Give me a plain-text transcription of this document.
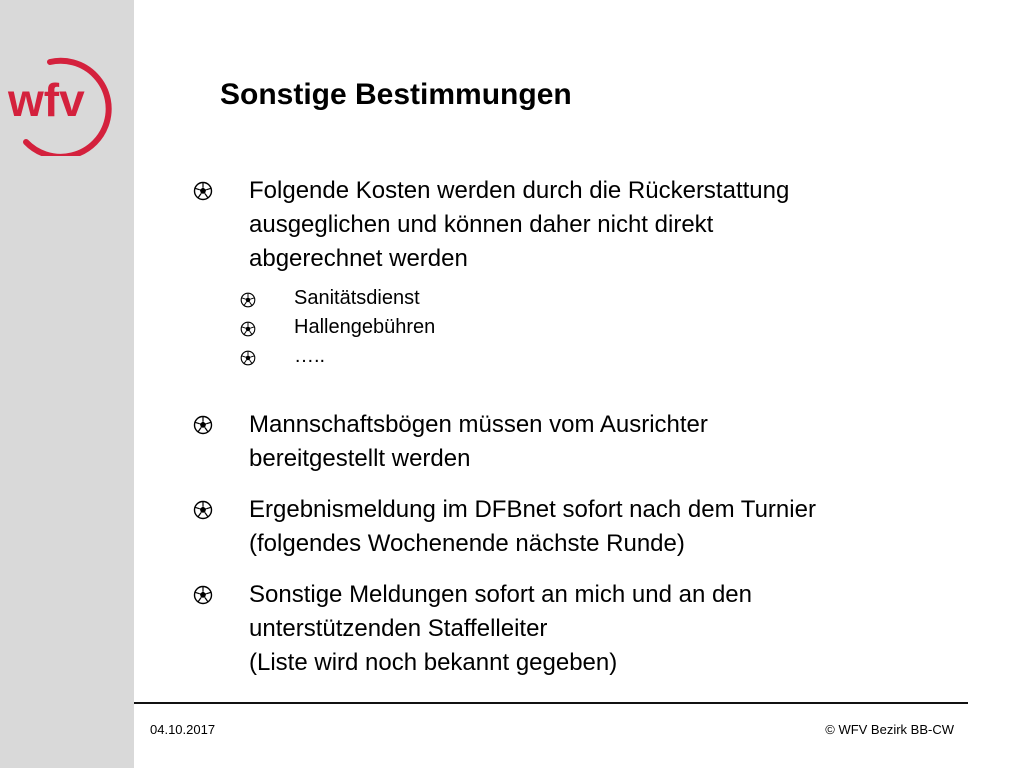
wfv	Sonstige Bestimmungen
Folgende Kosten werden durch die Rückerstattung
ausgeglichen und können daher nicht direkt
abgerechnet werden
Sanitätsdienst
Hallengebühren
…..
Mannschaftsbögen müssen vom Ausrichter
bereitgestellt werden
Ergebnismeldung im DFBnet sofort nach dem Turnier
(folgendes Wochenende nächste Runde)
Sonstige Meldungen sofort an mich und an den
unterstützenden Staffelleiter
(Liste wird noch bekannt gegeben)
04.10.2017	© WFV Bezirk BB-CW
